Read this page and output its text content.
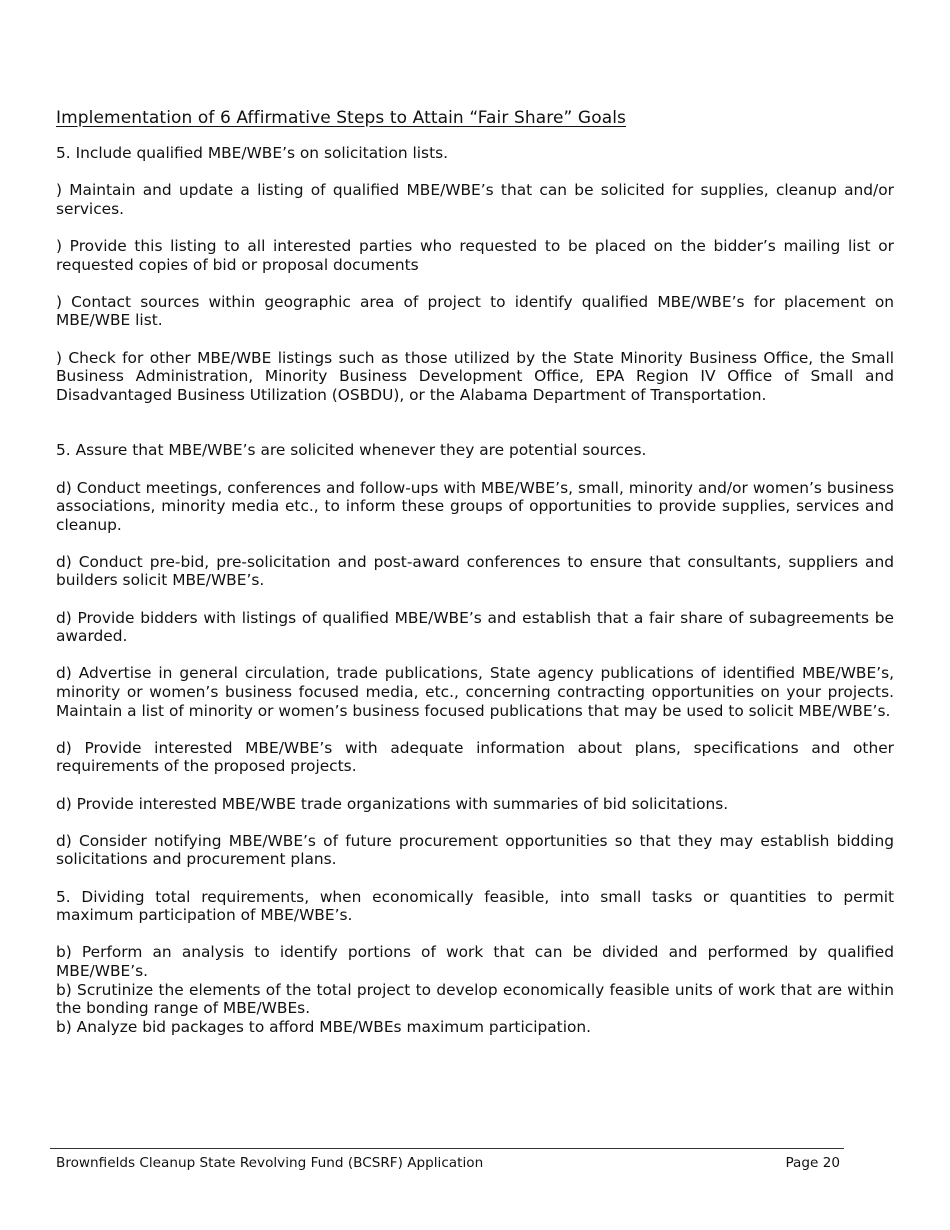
Implementation of 6 Affirmative Steps to Attain “Fair Share” Goals
5. Include qualified MBE/WBE’s on solicitation lists.
) Maintain and update a listing of qualified MBE/WBE’s that can be solicited for supplies, cleanup and/or services.
) Provide this listing to all interested parties who requested to be placed on the bidder’s mailing list or requested copies of bid or proposal documents
) Contact sources within geographic area of project to identify qualified MBE/WBE’s for placement on MBE/WBE list.
) Check for other MBE/WBE listings such as those utilized by the State Minority Business Office, the Small Business Administration, Minority Business Development Office, EPA Region IV Office of Small and Disadvantaged Business Utilization (OSBDU), or the Alabama Department of Transportation.
5. Assure that MBE/WBE’s are solicited whenever they are potential sources.
d) Conduct meetings, conferences and follow-ups with MBE/WBE’s, small, minority and/or women’s business associations, minority media etc., to inform these groups of opportunities to provide supplies, services and cleanup.
d) Conduct pre-bid, pre-solicitation and post-award conferences to ensure that consultants, suppliers and builders solicit MBE/WBE’s.
d) Provide bidders with listings of qualified MBE/WBE’s and establish that a fair share of subagreements be awarded.
d) Advertise in general circulation, trade publications, State agency publications of identified MBE/WBE’s, minority or women’s business focused media, etc., concerning contracting opportunities on your projects. Maintain a list of minority or women’s business focused publications that may be used to solicit MBE/WBE’s.
d) Provide interested MBE/WBE’s with adequate information about plans, specifications and other requirements of the proposed projects.
d) Provide interested MBE/WBE trade organizations with summaries of bid solicitations.
d) Consider notifying MBE/WBE’s of future procurement opportunities so that they may establish bidding solicitations and procurement plans.
5. Dividing total requirements, when economically feasible, into small tasks or quantities to permit maximum participation of MBE/WBE’s.
b) Perform an analysis to identify portions of work that can be divided and performed by qualified MBE/WBE’s.
b) Scrutinize the elements of the total project to develop economically feasible units of work that are within the bonding range of MBE/WBEs.
b) Analyze bid packages to afford MBE/WBEs maximum participation.
Brownfields Cleanup State Revolving Fund (BCSRF) Application	Page 20
